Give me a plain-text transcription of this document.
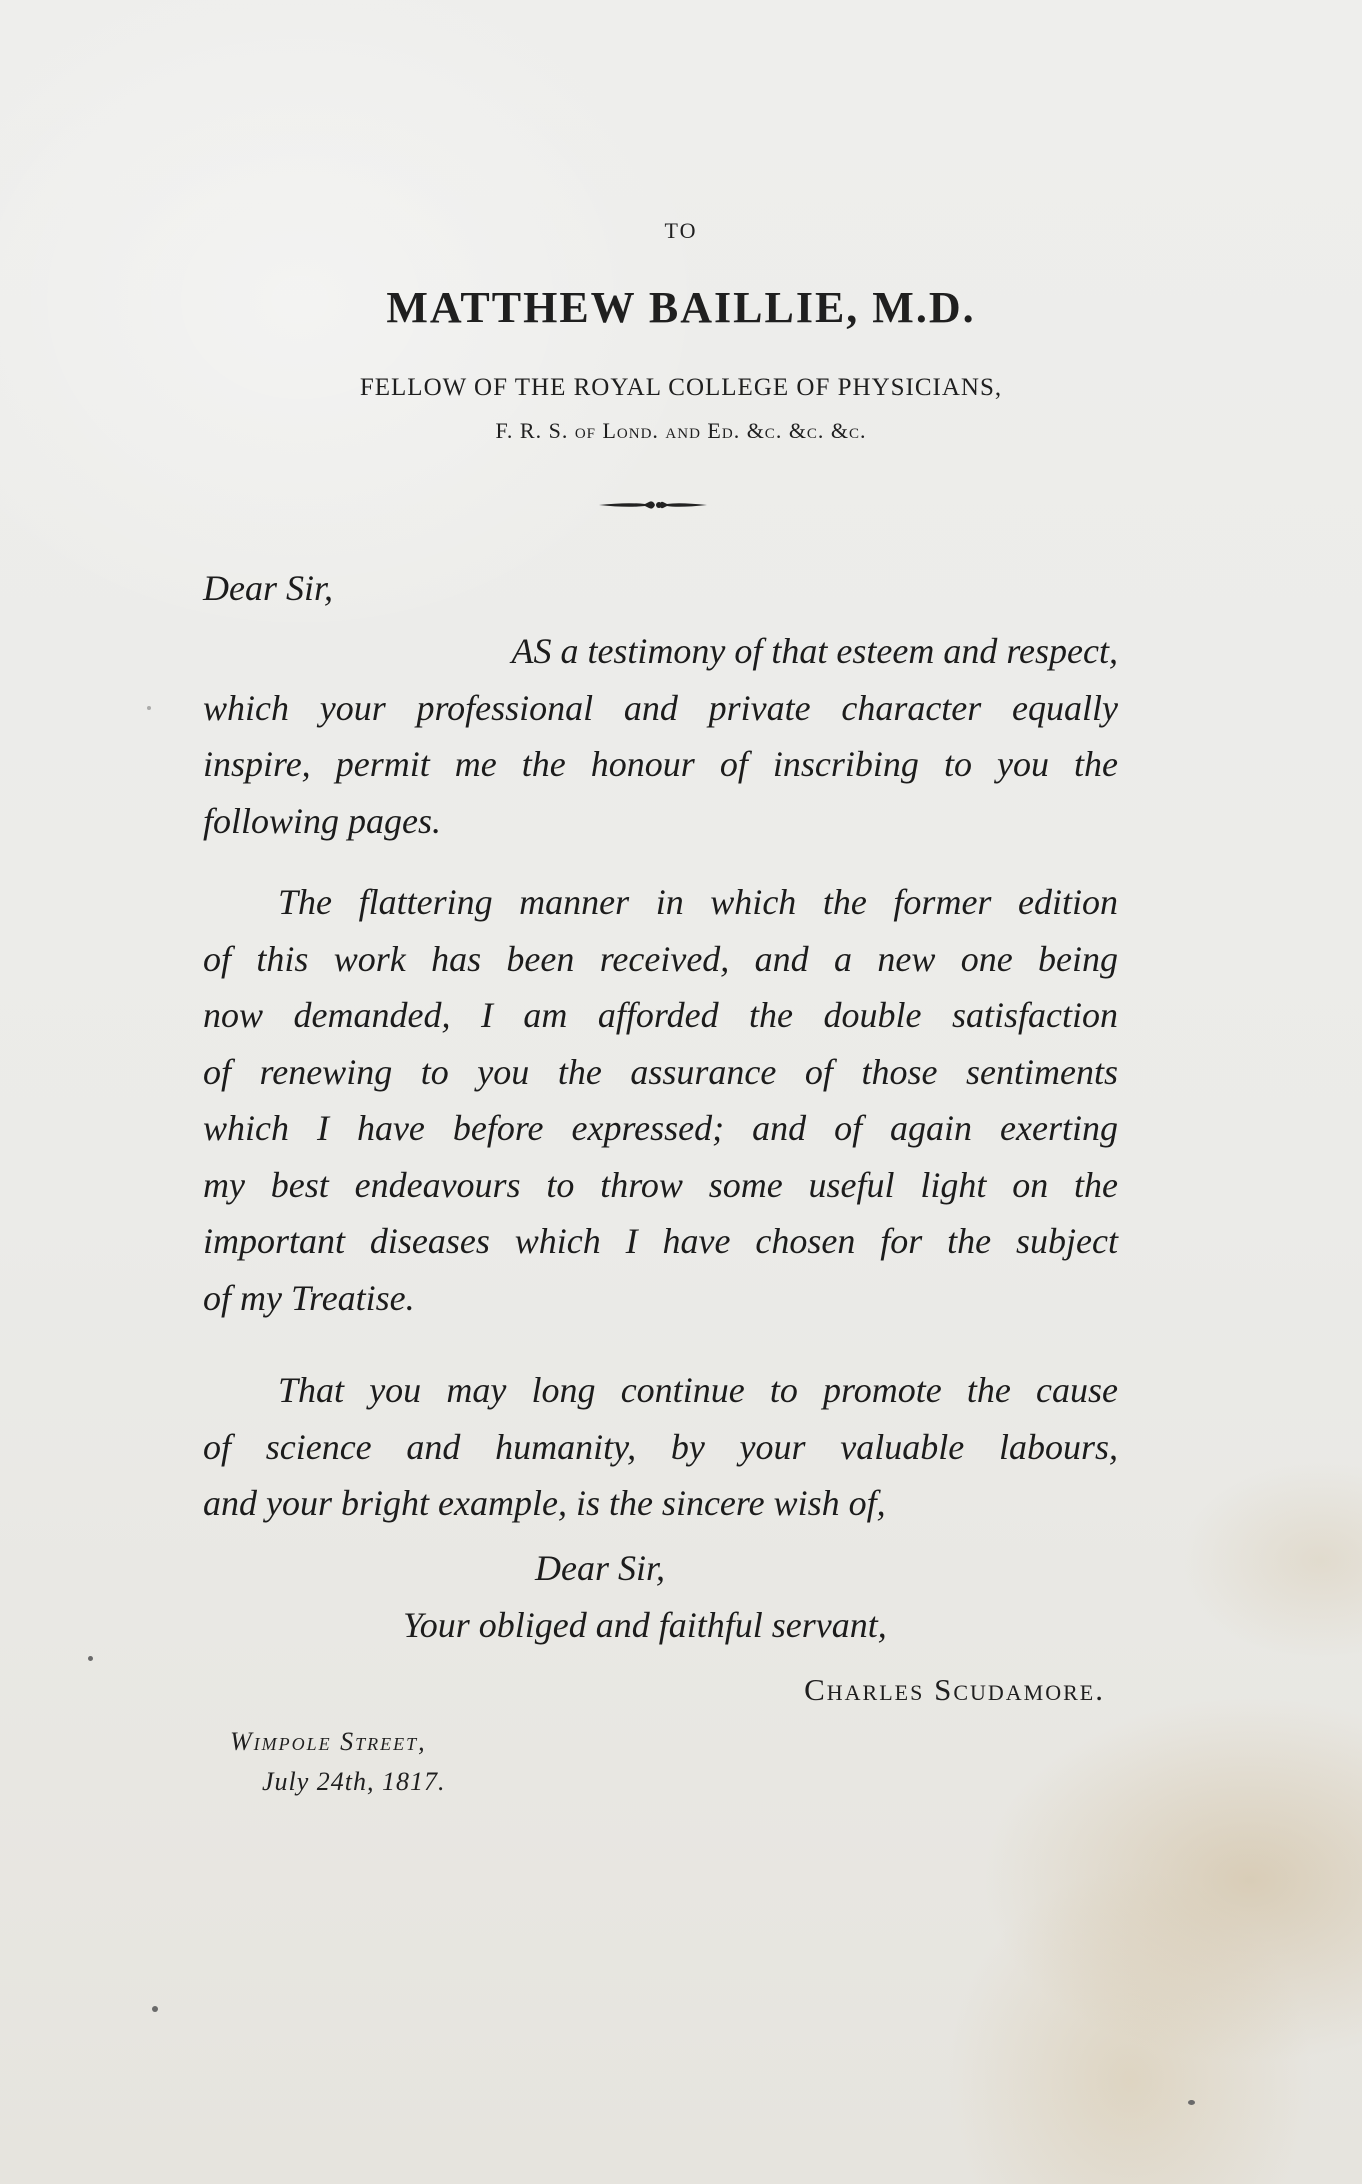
TO
MATTHEW BAILLIE, M.D.
FELLOW OF THE ROYAL COLLEGE OF PHYSICIANS,
F. R. S. of Lond. and Ed. &c. &c. &c.
Dear Sir,
AS a testimony of that esteem and respect,
which your professional and private character equally
inspire, permit me the honour of inscribing to you the
following pages.
The flattering manner in which the former edition
of this work has been received, and a new one being
now demanded, I am afforded the double satisfaction
of renewing to you the assurance of those sentiments
which I have before expressed; and of again exerting
my best endeavours to throw some useful light on the
important diseases which I have chosen for the subject
of my Treatise.
That you may long continue to promote the cause
of science and humanity, by your valuable labours,
and your bright example, is the sincere wish of,
Dear Sir,
Your obliged and faithful servant,
Charles Scudamore.
Wimpole Street,
July 24th, 1817.
